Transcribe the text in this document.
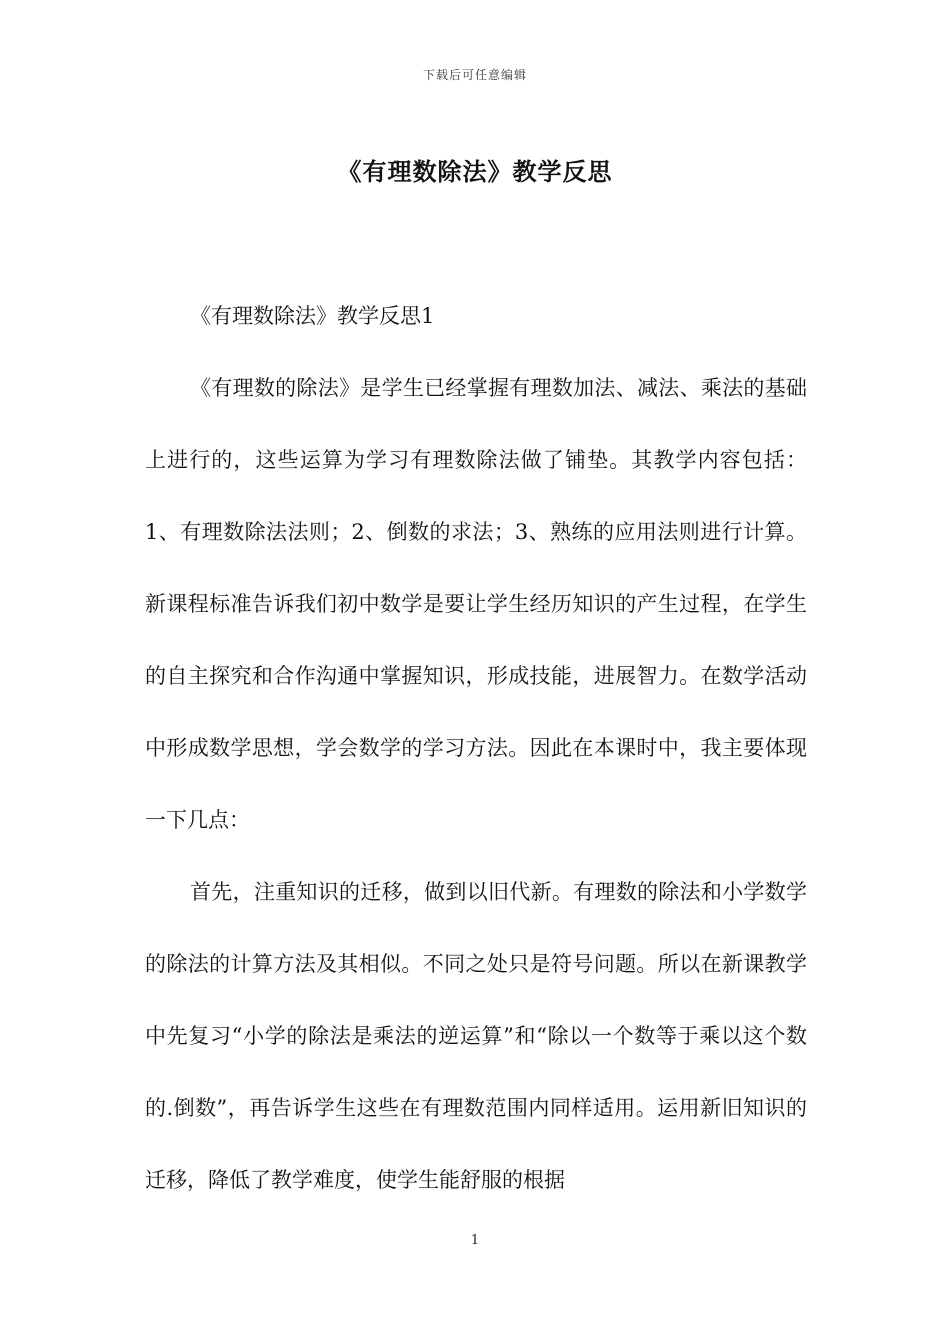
下载后可任意编辑
《有理数除法》教学反思

《有理数除法》教学反思1

《有理数的除法》是学生已经掌握有理数加法、减法、乘法的基础上进行的，这些运算为学习有理数除法做了铺垫。其教学内容包括：1、有理数除法法则；2、倒数的求法；3、熟练的应用法则进行计算。新课程标准告诉我们初中数学是要让学生经历知识的产生过程，在学生的自主探究和合作沟通中掌握知识，形成技能，进展智力。在数学活动中形成数学思想，学会数学的学习方法。因此在本课时中，我主要体现一下几点：

首先，注重知识的迁移，做到以旧代新。有理数的除法和小学数学的除法的计算方法及其相似。不同之处只是符号问题。所以在新课教学中先复习“小学的除法是乘法的逆运算”和“除以一个数等于乘以这个数的.倒数”，再告诉学生这些在有理数范围内同样适用。运用新旧知识的迁移，降低了教学难度，使学生能舒服的根据

1
